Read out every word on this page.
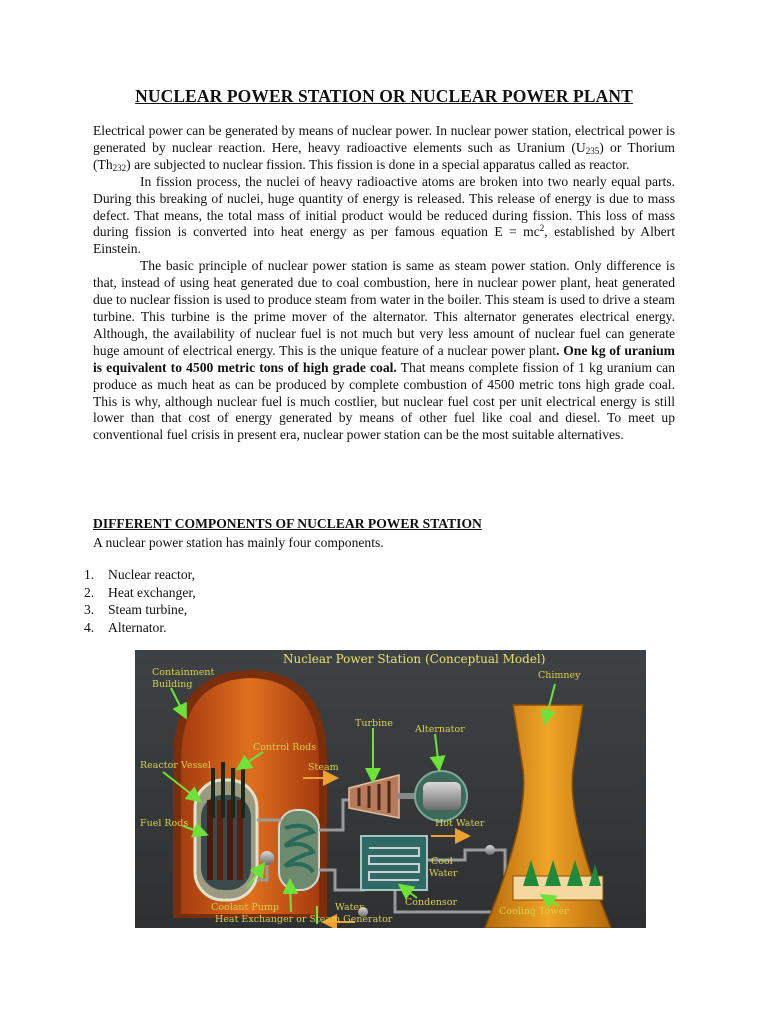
NUCLEAR POWER STATION OR NUCLEAR POWER PLANT

Electrical power can be generated by means of nuclear power. In nuclear power station, electrical power is generated by nuclear reaction. Here, heavy radioactive elements such as Uranium $(U_{235})$ or Thorium $(Th_{232})$ are subjected to nuclear fission. This fission is done in a special apparatus called as reactor.

In fission process, the nuclei of heavy radioactive atoms are broken into two nearly equal parts. During this breaking of nuclei, huge quantity of energy is released. This release of energy is due to mass defect. That means, the total mass of initial product would be reduced during fission. This loss of mass during fission is converted into heat energy as per famous equation $E = mc^2$, established by Albert Einstein.

The basic principle of nuclear power station is same as steam power station. Only difference is that, instead of using heat generated due to coal combustion, here in nuclear power plant, heat generated due to nuclear fission is used to produce steam from water in the boiler. This steam is used to drive a steam turbine. This turbine is the prime mover of the alternator. This alternator generates electrical energy. Although, the availability of nuclear fuel is not much but very less amount of nuclear fuel can generate huge amount of electrical energy. This is the unique feature of a nuclear power plant. One kg of uranium is equivalent to 4500 metric tons of high grade coal. That means complete fission of 1 kg uranium can produce as much heat as can be produced by complete combustion of 4500 metric tons high grade coal. This is why, although nuclear fuel is much costlier, but nuclear fuel cost per unit electrical energy is still lower than that cost of energy generated by means of other fuel like coal and diesel. To meet up conventional fuel crisis in present era, nuclear power station can be the most suitable alternatives.

DIFFERENT COMPONENTS OF NUCLEAR POWER STATION
A nuclear power station has mainly four components.
1.	Nuclear reactor,
2.	Heat exchanger,
3.	Steam turbine,
4.	Alternator.
Nuclear Power Station (Conceptual Model)
Containment
Building
Control Rods
Reactor Vessel
Fuel Rods
Coolant Pump
Heat Exchanger or Steam Generator
Steam
Turbine
Alternator
Hot Water
Cool
Water
Water	Condensor
Chimney
Cooling Tower
